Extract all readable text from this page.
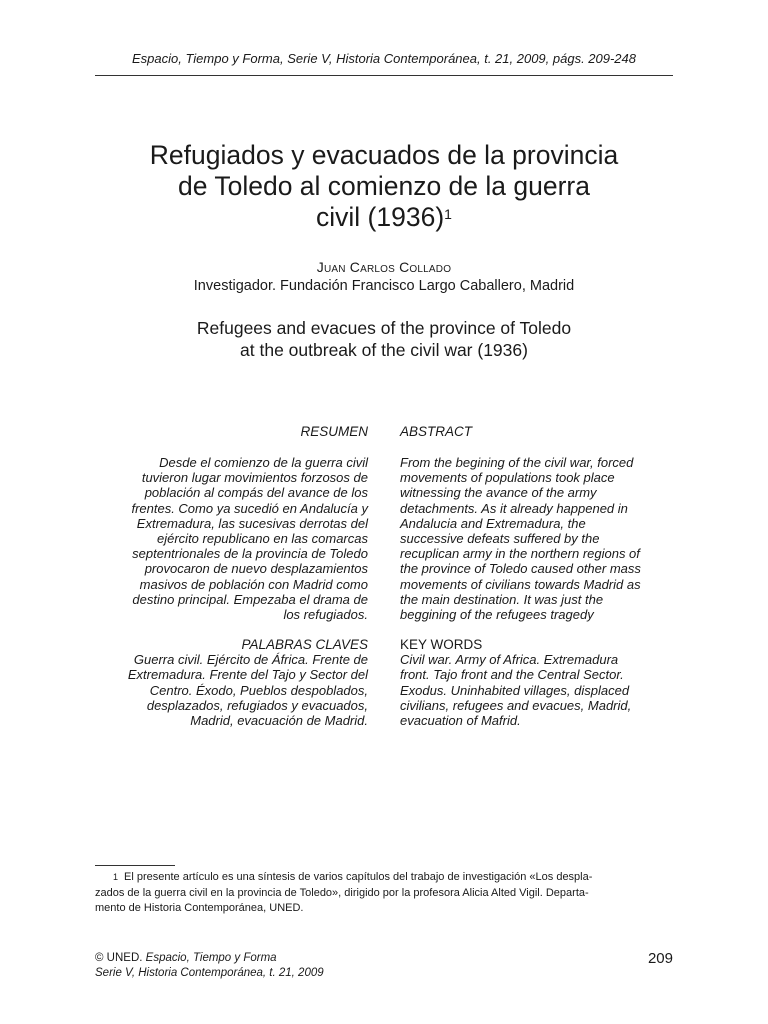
Espacio, Tiempo y Forma, Serie V, Historia Contemporánea, t. 21, 2009, págs. 209-248
Refugiados y evacuados de la provincia
de Toledo al comienzo de la guerra
civil $(1936)^1$
Juan Carlos Collado
Investigador. Fundación Francisco Largo Caballero, Madrid
Refugees and evacues of the province of Toledo
at the outbreak of the civil war (1936)
RESUMEN ABSTRACT
Desde el comienzo de la guerra civil
tuvieron lugar movimientos forzosos de
población al compás del avance de los
frentes. Como ya sucedió en Andalucía y
Extremadura, las sucesivas derrotas del
ejército republicano en las comarcas
septentrionales de la provincia de Toledo
provocaron de nuevo desplazamientos
masivos de población con Madrid como
destino principal. Empezaba el drama de
los refugiados.
From the begining of the civil war, forced
movements of populations took place
witnessing the avance of the army
detachments. As it already happened in
Andalucia and Extremadura, the
successive defeats suffered by the
recuplican army in the northern regions of
the province of Toledo caused other mass
movements of civilians towards Madrid as
the main destination. It was just the
beggining of the refugees tragedy
PALABRAS CLAVES
Guerra civil. Ejército de África. Frente de
Extremadura. Frente del Tajo y Sector del
Centro. Éxodo, Pueblos despoblados,
desplazados, refugiados y evacuados,
Madrid, evacuación de Madrid.
KEY WORDS
Civil war. Army of Africa. Extremadura
front. Tajo front and the Central Sector.
Exodus. Uninhabited villages, displaced
civilians, refugees and evacues, Madrid,
evacuation of Mafrid.
$^1$ El presente artículo es una síntesis de varios capítulos del trabajo de investigación «Los despla-
zados de la guerra civil en la provincia de Toledo», dirigido por la profesora Alicia Alted Vigil. Departa-
mento de Historia Contemporánea, UNED.
© UNED. Espacio, Tiempo y Forma
Serie V, Historia Contemporánea, t. 21, 2009
209
